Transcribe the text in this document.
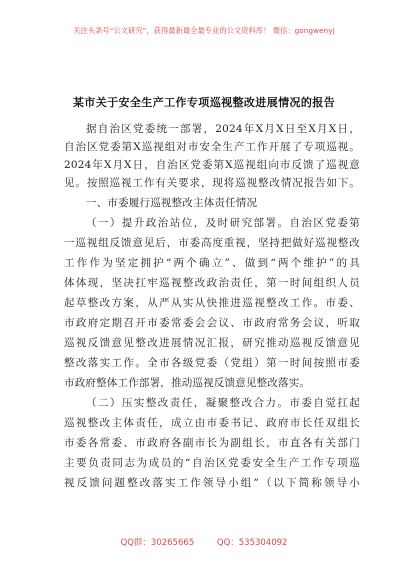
关注头条号“公文研究”，获得最新最全最专业的公文资料库！ 微信：gongwenyj
某市关于安全生产工作专项巡视整改进展情况的报告
据自治区党委统一部署，2024年X月X日至X月X日，
自治区党委第X巡视组对市安全生产工作开展了专项巡视。
2024年X月X日，自治区党委第X巡视组向市反馈了巡视意
见。按照巡视工作有关要求，现将巡视整改情况报告如下。
一、市委履行巡视整改主体责任情况
（一）提升政治站位，及时研究部署。自治区党委第
一巡视组反馈意见后，市委高度重视，坚持把做好巡视整改
工作作为坚定拥护“两个确立”、做到“两个维护”的具
体体现，坚决扛牢巡视整改政治责任，第一时间组织人员
起草整改方案，从严从实从快推进巡视整改工作。市委、
市政府定期召开市委常委会会议、市政府常务会议，听取
巡视反馈意见整改进展情况汇报，研究推动巡视反馈意见
整改落实工作。全市各级党委（党组）第一时间按照市委
市政府整体工作部署，推动巡视反馈意见整改落实。
（二）压实整改责任，凝聚整改合力。市委自觉扛起
巡视整改主体责任，成立由市委书记、政府市长任双组长
市委各常委、市政府各副市长为副组长，市直各有关部门
主要负责同志为成员的“自治区党委安全生产工作专项巡
视反馈问题整改落实工作领导小组”（以下简称领导小
QQ群：30265665	QQ：535304092
